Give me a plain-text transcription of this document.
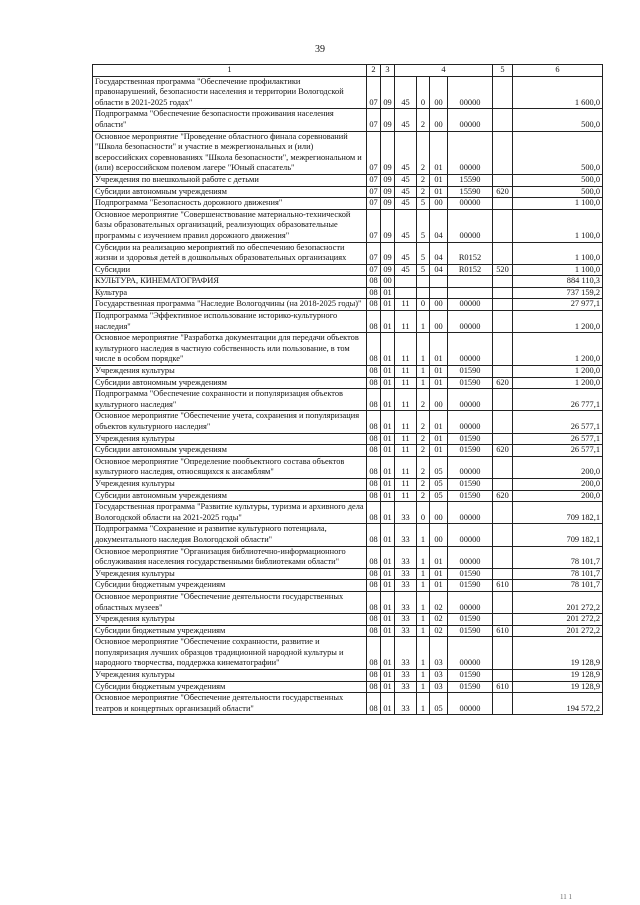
39
1	2	3	4				5	6
Государственная программа "Обеспечение профилактики правонарушений, безопасности населения и территории Вологодской области в 2021-2025 годах"	07	09	45	0	00	00000		1 600,0
Подпрограмма "Обеспечение безопасности проживания населения области"	07	09	45	2	00	00000		500,0
Основное мероприятие "Проведение областного финала соревнований "Школа безопасности" и участие в межрегиональных и (или) всероссийских соревнованиях "Школа безопасности", межрегиональном и (или) всероссийском полевом лагере "Юный спасатель"	07	09	45	2	01	00000		500,0
Учреждения по внешкольной работе с детьми	07	09	45	2	01	15590		500,0
Субсидии автономным учреждениям	07	09	45	2	01	15590	620	500,0
Подпрограмма "Безопасность дорожного движения"	07	09	45	5	00	00000		1 100,0
Основное мероприятие "Совершенствование материально-технической базы образовательных организаций, реализующих образовательные программы с изучением правил дорожного движения"	07	09	45	5	04	00000		1 100,0
Субсидии на реализацию мероприятий по обеспечению безопасности жизни и здоровья детей в дошкольных образовательных организациях	07	09	45	5	04	R0152		1 100,0
Субсидии	07	09	45	5	04	R0152	520	1 100,0
КУЛЬТУРА, КИНЕМАТОГРАФИЯ	08	00						884 110,3
Культура	08	01						737 159,2
Государственная программа "Наследие Вологодчины (на 2018-2025 годы)"	08	01	11	0	00	00000		27 977,1
Подпрограмма "Эффективное использование историко-культурного наследия"	08	01	11	1	00	00000		1 200,0
Основное мероприятие "Разработка документации для передачи объектов культурного наследия в частную собственность или пользование, в том числе в особом порядке"	08	01	11	1	01	00000		1 200,0
Учреждения культуры	08	01	11	1	01	01590		1 200,0
Субсидии автономным учреждениям	08	01	11	1	01	01590	620	1 200,0
Подпрограмма "Обеспечение сохранности и популяризация объектов культурного наследия"	08	01	11	2	00	00000		26 777,1
Основное мероприятие "Обеспечение учета, сохранения и популяризация объектов культурного наследия"	08	01	11	2	01	00000		26 577,1
Учреждения культуры	08	01	11	2	01	01590		26 577,1
Субсидии автономным учреждениям	08	01	11	2	01	01590	620	26 577,1
Основное мероприятие "Определение пообъектного состава объектов культурного наследия, относящихся к ансамблям"	08	01	11	2	05	00000		200,0
Учреждения культуры	08	01	11	2	05	01590		200,0
Субсидии автономным учреждениям	08	01	11	2	05	01590	620	200,0
Государственная программа "Развитие культуры, туризма и архивного дела Вологодской области на 2021-2025 годы"	08	01	33	0	00	00000		709 182,1
Подпрограмма "Сохранение и развитие культурного потенциала, документального наследия Вологодской области"	08	01	33	1	00	00000		709 182,1
Основное мероприятие "Организация библиотечно-информационного обслуживания населения государственными библиотеками области"	08	01	33	1	01	00000		78 101,7
Учреждения культуры	08	01	33	1	01	01590		78 101,7
Субсидии бюджетным учреждениям	08	01	33	1	01	01590	610	78 101,7
Основное мероприятие "Обеспечение деятельности государственных областных музеев"	08	01	33	1	02	00000		201 272,2
Учреждения культуры	08	01	33	1	02	01590		201 272,2
Субсидии бюджетным учреждениям	08	01	33	1	02	01590	610	201 272,2
Основное мероприятие "Обеспечение сохранности, развитие и популяризация лучших образцов традиционной народной культуры и народного творчества, поддержка кинематографии"	08	01	33	1	03	00000		19 128,9
Учреждения культуры	08	01	33	1	03	01590		19 128,9
Субсидии бюджетным учреждениям	08	01	33	1	03	01590	610	19 128,9
Основное мероприятие "Обеспечение деятельности государственных театров и концертных организаций области"	08	01	33	1	05	00000		194 572,2
11 1
